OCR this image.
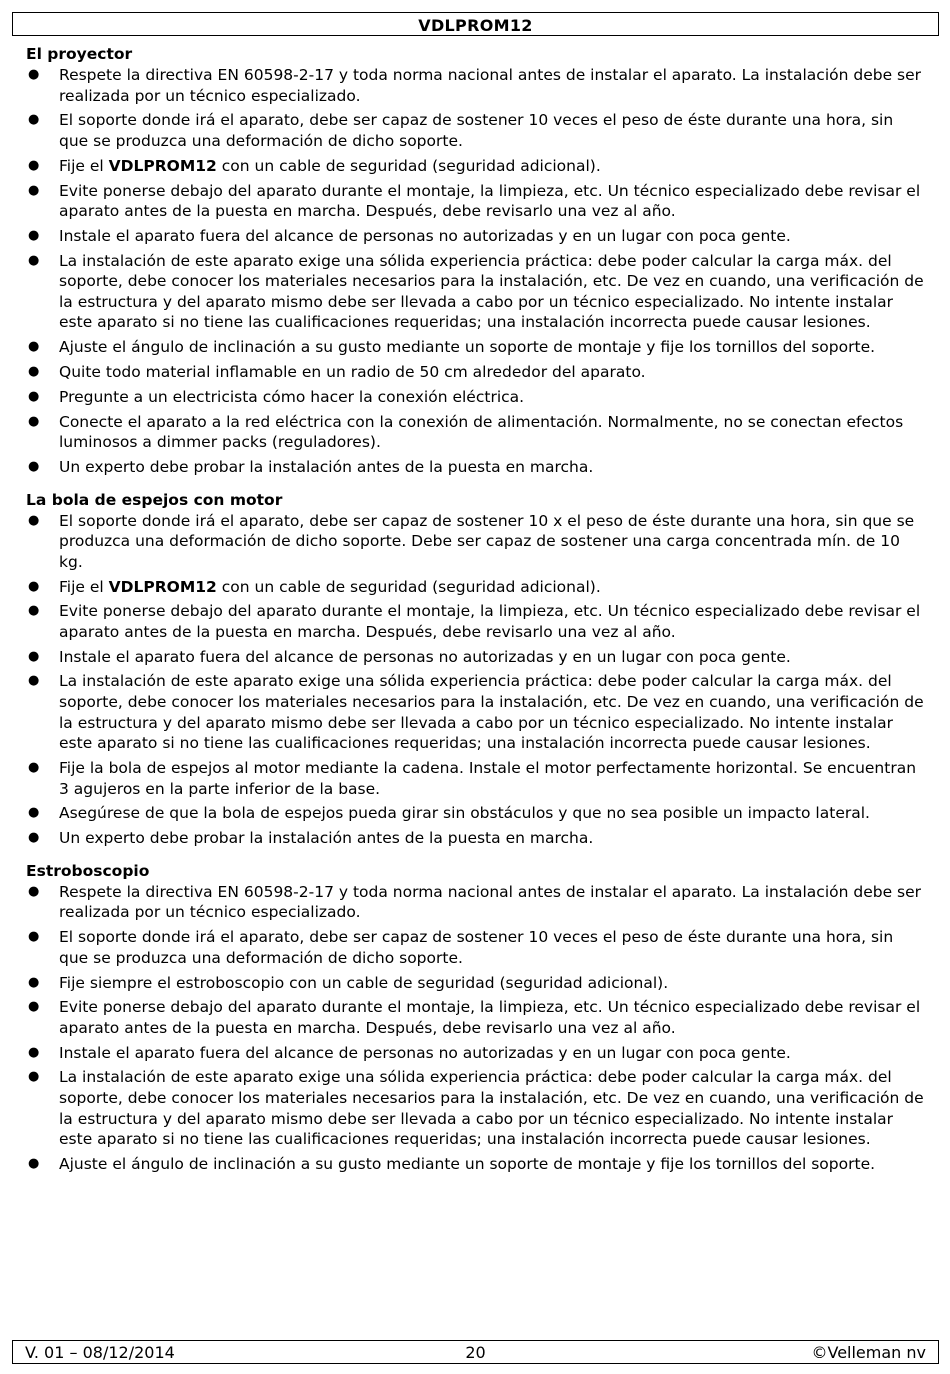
VDLPROM12

El proyector

● Respete la directiva EN 60598-2-17 y toda norma nacional antes de instalar el aparato. La instalación debe ser realizada por un técnico especializado.
● El soporte donde irá el aparato, debe ser capaz de sostener 10 veces el peso de éste durante una hora, sin que se produzca una deformación de dicho soporte.
● Fije el VDLPROM12 con un cable de seguridad (seguridad adicional).
● Evite ponerse debajo del aparato durante el montaje, la limpieza, etc. Un técnico especializado debe revisar el aparato antes de la puesta en marcha. Después, debe revisarlo una vez al año.
● Instale el aparato fuera del alcance de personas no autorizadas y en un lugar con poca gente.
● La instalación de este aparato exige una sólida experiencia práctica: debe poder calcular la carga máx. del soporte, debe conocer los materiales necesarios para la instalación, etc. De vez en cuando, una verificación de la estructura y del aparato mismo debe ser llevada a cabo por un técnico especializado. No intente instalar este aparato si no tiene las cualificaciones requeridas; una instalación incorrecta puede causar lesiones.
● Ajuste el ángulo de inclinación a su gusto mediante un soporte de montaje y fije los tornillos del soporte.
● Quite todo material inflamable en un radio de 50 cm alrededor del aparato.
● Pregunte a un electricista cómo hacer la conexión eléctrica.
● Conecte el aparato a la red eléctrica con la conexión de alimentación. Normalmente, no se conectan efectos luminosos a dimmer packs (reguladores).
● Un experto debe probar la instalación antes de la puesta en marcha.

La bola de espejos con motor

● El soporte donde irá el aparato, debe ser capaz de sostener 10 x el peso de éste durante una hora, sin que se produzca una deformación de dicho soporte. Debe ser capaz de sostener una carga concentrada mín. de 10 kg.
● Fije el VDLPROM12 con un cable de seguridad (seguridad adicional).
● Evite ponerse debajo del aparato durante el montaje, la limpieza, etc. Un técnico especializado debe revisar el aparato antes de la puesta en marcha. Después, debe revisarlo una vez al año.
● Instale el aparato fuera del alcance de personas no autorizadas y en un lugar con poca gente.
● La instalación de este aparato exige una sólida experiencia práctica: debe poder calcular la carga máx. del soporte, debe conocer los materiales necesarios para la instalación, etc. De vez en cuando, una verificación de la estructura y del aparato mismo debe ser llevada a cabo por un técnico especializado. No intente instalar este aparato si no tiene las cualificaciones requeridas; una instalación incorrecta puede causar lesiones.
● Fije la bola de espejos al motor mediante la cadena. Instale el motor perfectamente horizontal. Se encuentran 3 agujeros en la parte inferior de la base.
● Asegúrese de que la bola de espejos pueda girar sin obstáculos y que no sea posible un impacto lateral.
● Un experto debe probar la instalación antes de la puesta en marcha.

Estroboscopio

● Respete la directiva EN 60598-2-17 y toda norma nacional antes de instalar el aparato. La instalación debe ser realizada por un técnico especializado.
● El soporte donde irá el aparato, debe ser capaz de sostener 10 veces el peso de éste durante una hora, sin que se produzca una deformación de dicho soporte.
● Fije siempre el estroboscopio con un cable de seguridad (seguridad adicional).
● Evite ponerse debajo del aparato durante el montaje, la limpieza, etc. Un técnico especializado debe revisar el aparato antes de la puesta en marcha. Después, debe revisarlo una vez al año.
● Instale el aparato fuera del alcance de personas no autorizadas y en un lugar con poca gente.
● La instalación de este aparato exige una sólida experiencia práctica: debe poder calcular la carga máx. del soporte, debe conocer los materiales necesarios para la instalación, etc. De vez en cuando, una verificación de la estructura y del aparato mismo debe ser llevada a cabo por un técnico especializado. No intente instalar este aparato si no tiene las cualificaciones requeridas; una instalación incorrecta puede causar lesiones.
● Ajuste el ángulo de inclinación a su gusto mediante un soporte de montaje y fije los tornillos del soporte.
V. 01 – 08/12/2014	20	©Velleman nv
